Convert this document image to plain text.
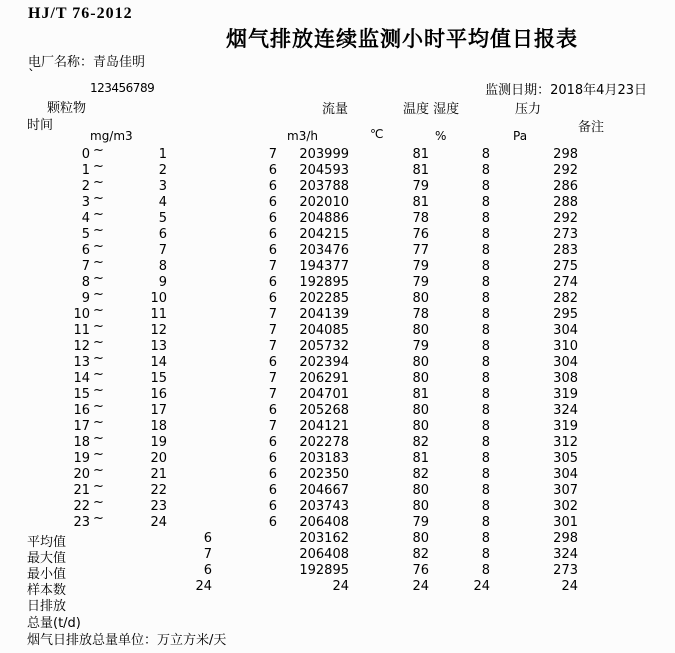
HJ/T 76-2012
烟气排放连续监测小时平均值日报表
电厂名称：青岛佳明
`
123456789	监测日期：2018年4月23日
颗粒物
时间
流量	温度 湿度	压力
备注
mg/m3	m3/h	℃	%	Pa
0 ~	1	7	203999	81	8	298
1 ~	2	6	204593	81	8	292
2 ~	3	6	203788	79	8	286
3 ~	4	6	202010	81	8	288
4 ~	5	6	204886	78	8	292
5 ~	6	6	204215	76	8	273
6 ~	7	6	203476	77	8	283
7 ~	8	7	194377	79	8	275
8 ~	9	6	192895	79	8	274
9 ~	10	6	202285	80	8	282
10 ~	11	7	204139	78	8	295
11 ~	12	7	204085	80	8	304
12 ~	13	7	205732	79	8	310
13 ~	14	6	202394	80	8	304
14 ~	15	7	206291	80	8	308
15 ~	16	7	204701	81	8	319
16 ~	17	6	205268	80	8	324
17 ~	18	7	204121	80	8	319
18 ~	19	6	202278	82	8	312
19 ~	20	6	203183	81	8	305
20 ~	21	6	202350	82	8	304
21 ~	22	6	204667	80	8	307
22 ~	23	6	203743	80	8	302
23 ~	24	6	206408	79	8	301
平均值	6	203162	80	8	298
最大值	7	206408	82	8	324
最小值	6	192895	76	8	273
样本数	24	24	24	24	24
日排放
总量(t/d)
烟气日排放总量单位：万立方米/天
